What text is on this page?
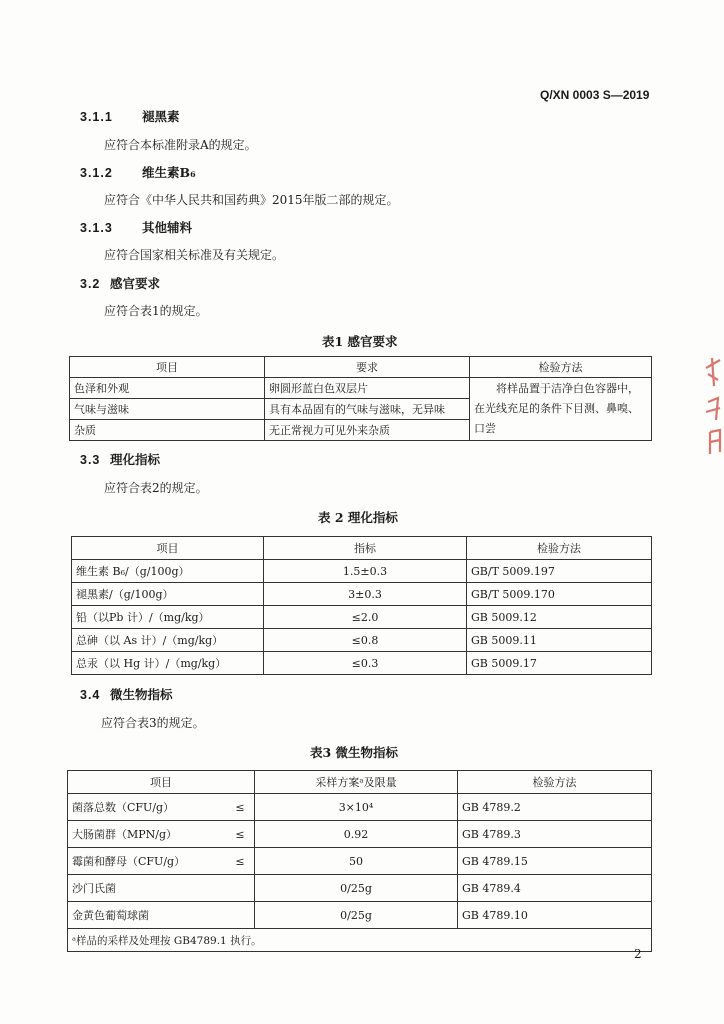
Q/XN 0003 S—2019
3.1.1 褪黑素
应符合本标准附录A的规定。
3.1.2 维生素B₆
应符合《中华人民共和国药典》2015年版二部的规定。
3.1.3 其他辅料
应符合国家相关标准及有关规定。
3.2 感官要求
应符合表1的规定。
表1 感官要求
项目	要求	检验方法
色泽和外观	卵圆形蓝白色双层片	将样品置于洁净白色容器中，在光线充足的条件下目测、鼻嗅、口尝
气味与滋味	具有本品固有的气味与滋味，无异味	
杂质	无正常视力可见外来杂质	
3.3 理化指标
应符合表2的规定。
表 2 理化指标
项目	指标	检验方法
维生素 B₆/（g/100g）	1.5±0.3	GB/T 5009.197
褪黑素/（g/100g）	3±0.3	GB/T 5009.170
铅（以Pb 计）/（mg/kg）	≤2.0	GB 5009.12
总砷（以 As 计）/（mg/kg）	≤0.8	GB 5009.11
总汞（以 Hg 计）/（mg/kg）	≤0.3	GB 5009.17
3.4 微生物指标
应符合表3的规定。
表3 微生物指标
项目		采样方案ᵃ及限量	检验方法
菌落总数（CFU/g）	≤	3×10⁴	GB 4789.2
大肠菌群（MPN/g）	≤	0.92	GB 4789.3
霉菌和酵母（CFU/g）	≤	50	GB 4789.15
沙门氏菌		0/25g	GB 4789.4
金黄色葡萄球菌		0/25g	GB 4789.10
ᵃ样品的采样及处理按 GB4789.1 执行。			
2
